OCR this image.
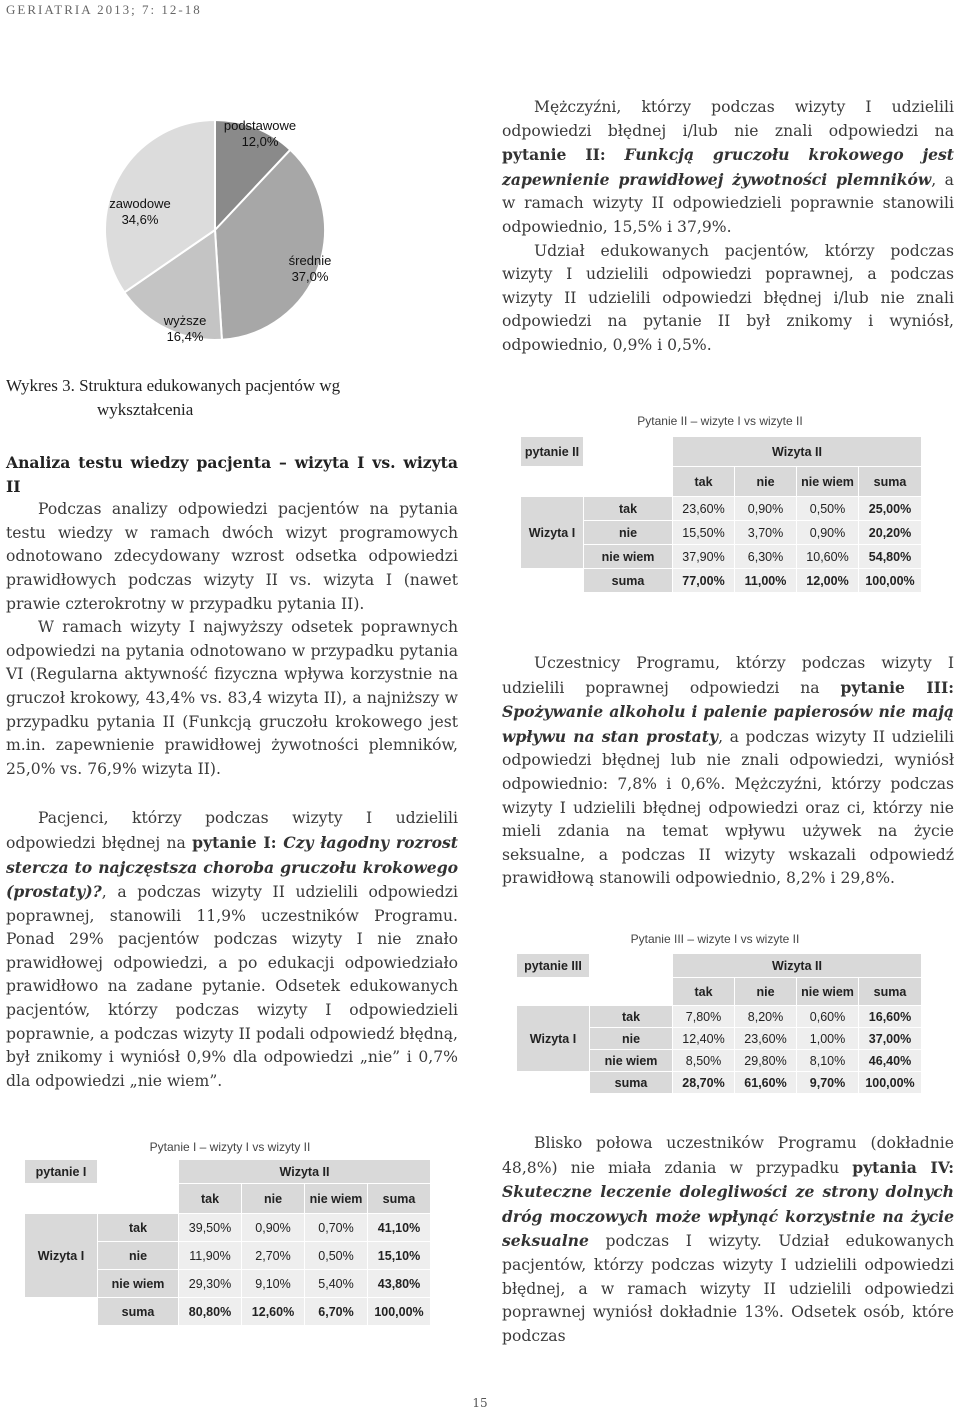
GERIATRIA 2013; 7: 12-18
podstawowe
12,0%
średnie
37,0%
wyższe
16,4%
zawodowe
34,6%
Wykres 3. Struktura edukowanych pacjentów wg
wykształcenia

Analiza testu wiedzy pacjenta – wizyta I vs. wizyta II

Podczas analizy odpowiedzi pacjentów na pytania testu wiedzy w ramach dwóch wizyt programowych odnotowano zdecydowany wzrost odsetka odpowiedzi prawidłowych podczas wizyty II vs. wizyta I (nawet prawie czterokrotny w przypadku pytania II).

W ramach wizyty I najwyższy odsetek poprawnych odpowiedzi na pytania odnotowano w przypadku pytania VI (Regularna aktywność fizyczna wpływa korzystnie na gruczoł krokowy, 43,4% vs. 83,4 wizyta II), a najniższy w przypadku pytania II (Funkcją gruczołu krokowego jest m.in. zapewnienie prawidłowej żywotności plemników, 25,0% vs. 76,9% wizyta II).

Pacjenci, którzy podczas wizyty I udzielili odpowiedzi błędnej na pytanie I: Czy łagodny rozrost stercza to najczęstsza choroba gruczołu krokowego (prostaty)?, a podczas wizyty II udzielili odpowiedzi poprawnej, stanowili 11,9% uczestników Programu. Ponad 29% pacjentów podczas wizyty I nie znało prawidłowej odpowiedzi, a po edukacji odpowiedziało prawidłowo na zadane pytanie. Odsetek edukowanych pacjentów, którzy podczas wizyty I odpowiedzieli poprawnie, a podczas wizyty II podali odpowiedź błędną, był znikomy i wyniósł 0,9% dla odpowiedzi „nie” i 0,7% dla odpowiedzi „nie wiem”.

Mężczyźni, którzy podczas wizyty I udzielili odpowiedzi błędnej i/lub nie znali odpowiedzi na pytanie II: Funkcją gruczołu krokowego jest zapewnienie prawidłowej żywotności plemników, a w ramach wizyty II odpowiedzieli poprawnie stanowili odpowiednio, 15,5% i 37,9%.

Udział edukowanych pacjentów, którzy podczas wizyty I udzielili odpowiedzi poprawnej, a podczas wizyty II udzielili odpowiedzi błędnej i/lub nie znali odpowiedzi na pytanie II był znikomy i wyniósł, odpowiednio, 0,9% i 0,5%.

Uczestnicy Programu, którzy podczas wizyty I udzielili poprawnej odpowiedzi na pytanie III: Spożywanie alkoholu i palenie papierosów nie mają wpływu na stan prostaty, a podczas wizyty II udzielili odpowiedzi błędnej lub nie znali odpowiedzi, wyniósł odpowiednio: 7,8% i 0,6%. Mężczyźni, którzy podczas wizyty I udzielili błędnej odpowiedzi oraz ci, którzy nie mieli zdania na temat wpływu używek na życie seksualne, a podczas II wizyty wskazali odpowiedź prawidłową stanowili odpowiednio, 8,2% i 29,8%.

Blisko połowa uczestników Programu (dokładnie 48,8%) nie miała zdania w przypadku pytania IV: Skuteczne leczenie dolegliwości ze strony dolnych dróg moczowych może wpłynąć korzystnie na życie seksualne podczas I wizyty. Udział edukowanych pacjentów, którzy podczas wizyty I udzielili odpowiedzi błędnej, a w ramach wizyty II udzielili odpowiedzi poprawnej wyniósł dokładnie 13%. Odsetek osób, które podczas

Pytanie II – wizyte I vs wizyte II
Pytanie III – wizyte I vs wizyte II
Pytanie I – wizyty I vs wizyty II
pytanie II		Wizyta II			
		tak	nie	nie wiem	suma
Wizyta I	tak	23,60%	0,90%	0,50%	25,00%
	nie	15,50%	3,70%	0,90%	20,20%
	nie wiem	37,90%	6,30%	10,60%	54,80%
	suma	77,00%	11,00%	12,00%	100,00%
pytanie III		Wizyta II			
		tak	nie	nie wiem	suma
Wizyta I	tak	7,80%	8,20%	0,60%	16,60%
	nie	12,40%	23,60%	1,00%	37,00%
	nie wiem	8,50%	29,80%	8,10%	46,40%
	suma	28,70%	61,60%	9,70%	100,00%
pytanie I		Wizyta II			
		tak	nie	nie wiem	suma
Wizyta I	tak	39,50%	0,90%	0,70%	41,10%
	nie	11,90%	2,70%	0,50%	15,10%
	nie wiem	29,30%	9,10%	5,40%	43,80%
	suma	80,80%	12,60%	6,70%	100,00%
15
